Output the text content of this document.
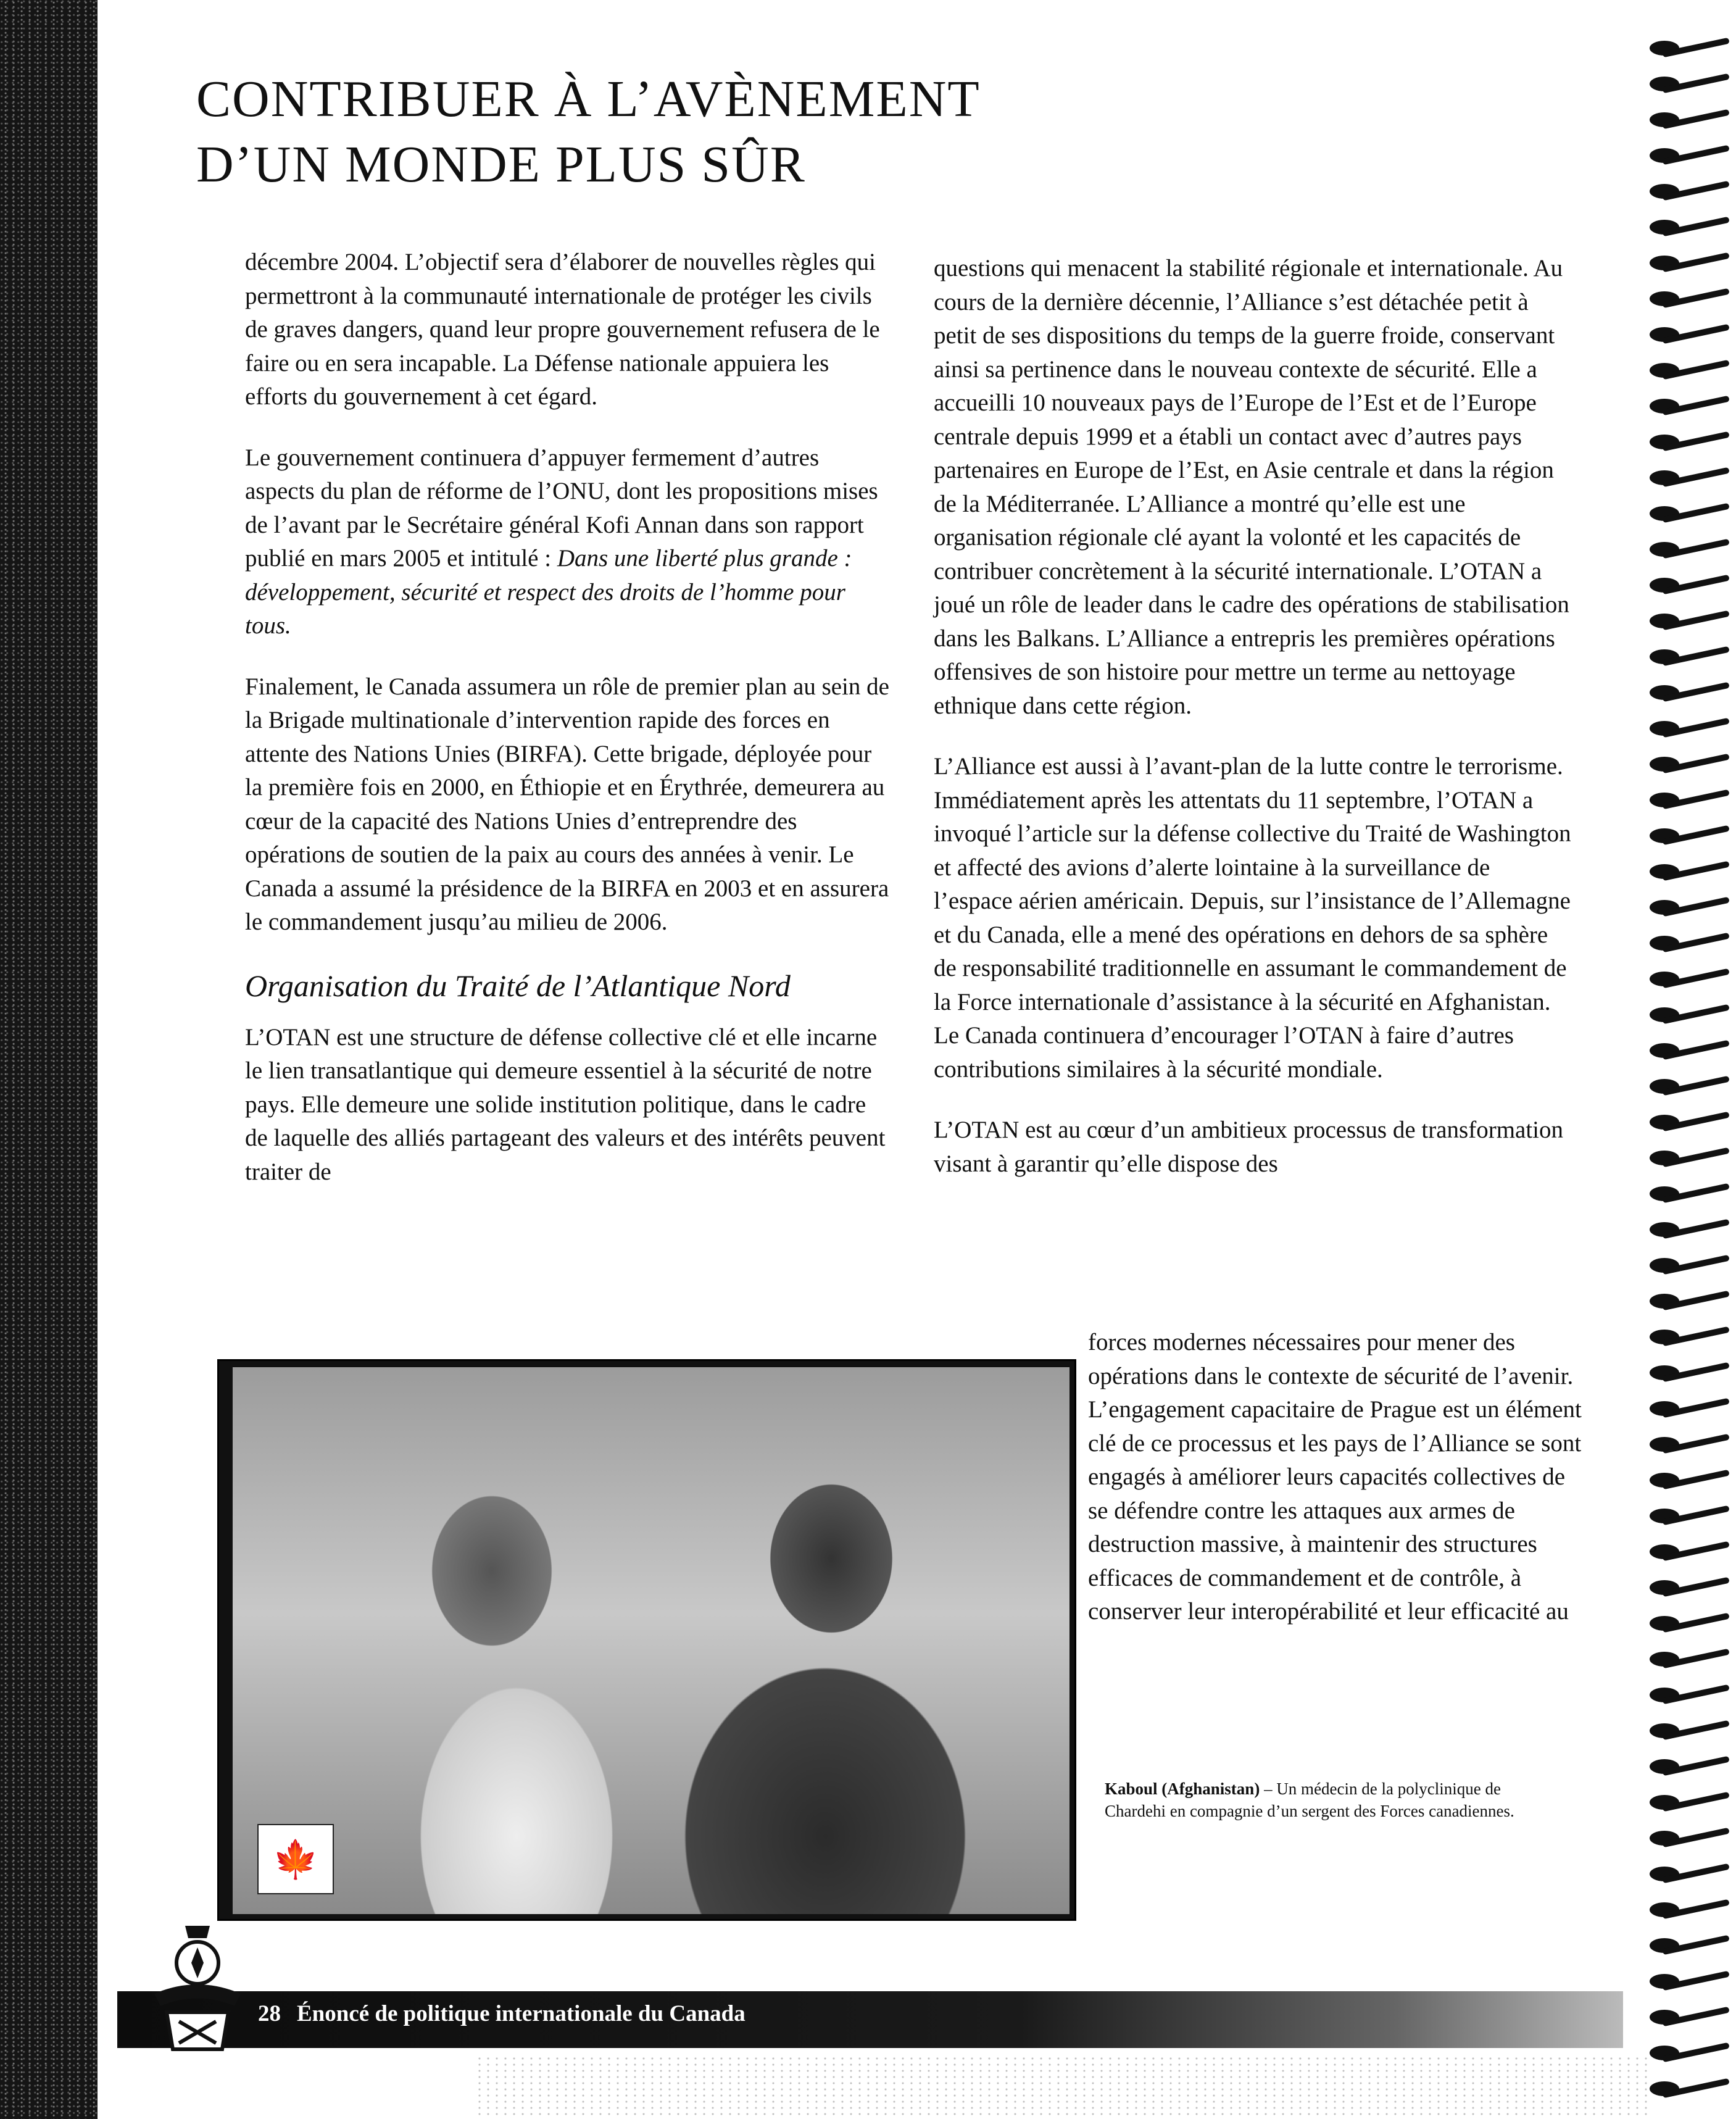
CONTRIBUER À L’AVÈNEMENT
D’UN MONDE PLUS SÛR

décembre 2004. L’objectif sera d’élaborer de nouvelles règles qui permettront à la communauté internationale de protéger les civils de graves dangers, quand leur propre gouvernement refusera de le faire ou en sera incapable. La Défense nationale appuiera les efforts du gouvernement à cet égard.

Le gouvernement continuera d’appuyer fermement d’autres aspects du plan de réforme de l’ONU, dont les propositions mises de l’avant par le Secrétaire général Kofi Annan dans son rapport publié en mars 2005 et intitulé : Dans une liberté plus grande : développement, sécurité et respect des droits de l’homme pour tous.

Finalement, le Canada assumera un rôle de premier plan au sein de la Brigade multinationale d’intervention rapide des forces en attente des Nations Unies (BIRFA). Cette brigade, déployée pour la première fois en 2000, en Éthiopie et en Érythrée, demeurera au cœur de la capacité des Nations Unies d’entreprendre des opérations de soutien de la paix au cours des années à venir. Le Canada a assumé la présidence de la BIRFA en 2003 et en assurera le commandement jusqu’au milieu de 2006.

Organisation du Traité de l’Atlantique Nord

L’OTAN est une structure de défense collective clé et elle incarne le lien transatlantique qui demeure essentiel à la sécurité de notre pays. Elle demeure une solide institution politique, dans le cadre de laquelle des alliés partageant des valeurs et des intérêts peuvent traiter de

questions qui menacent la stabilité régionale et internationale. Au cours de la dernière décennie, l’Alliance s’est détachée petit à petit de ses dispositions du temps de la guerre froide, conservant ainsi sa pertinence dans le nouveau contexte de sécurité. Elle a accueilli 10 nouveaux pays de l’Europe de l’Est et de l’Europe centrale depuis 1999 et a établi un contact avec d’autres pays partenaires en Europe de l’Est, en Asie centrale et dans la région de la Méditerranée. L’Alliance a montré qu’elle est une organisation régionale clé ayant la volonté et les capacités de contribuer concrètement à la sécurité internationale. L’OTAN a joué un rôle de leader dans le cadre des opérations de stabilisation dans les Balkans. L’Alliance a entrepris les premières opérations offensives de son histoire pour mettre un terme au nettoyage ethnique dans cette région.

L’Alliance est aussi à l’avant-plan de la lutte contre le terrorisme. Immédiatement après les attentats du 11 septembre, l’OTAN a invoqué l’article sur la défense collective du Traité de Washington et affecté des avions d’alerte lointaine à la surveillance de l’espace aérien américain. Depuis, sur l’insistance de l’Allemagne et du Canada, elle a mené des opérations en dehors de sa sphère de responsabilité traditionnelle en assumant le commandement de la Force internationale d’assistance à la sécurité en Afghanistan. Le Canada continuera d’encourager l’OTAN à faire d’autres contributions similaires à la sécurité mondiale.

L’OTAN est au cœur d’un ambitieux processus de transformation visant à garantir qu’elle dispose des

forces modernes nécessaires pour mener des opérations dans le contexte de sécurité de l’avenir. L’engagement capacitaire de Prague est un élément clé de ce processus et les pays de l’Alliance se sont engagés à améliorer leurs capacités collectives de se défendre contre les attaques aux armes de destruction massive, à maintenir des structures efficaces de commandement et de contrôle, à conserver leur interopérabilité et leur efficacité au
🍁
Kaboul (Afghanistan) – Un médecin de la polyclinique de Chardehi en compagnie d’un sergent des Forces canadiennes.
28 Énoncé de politique internationale du Canada
